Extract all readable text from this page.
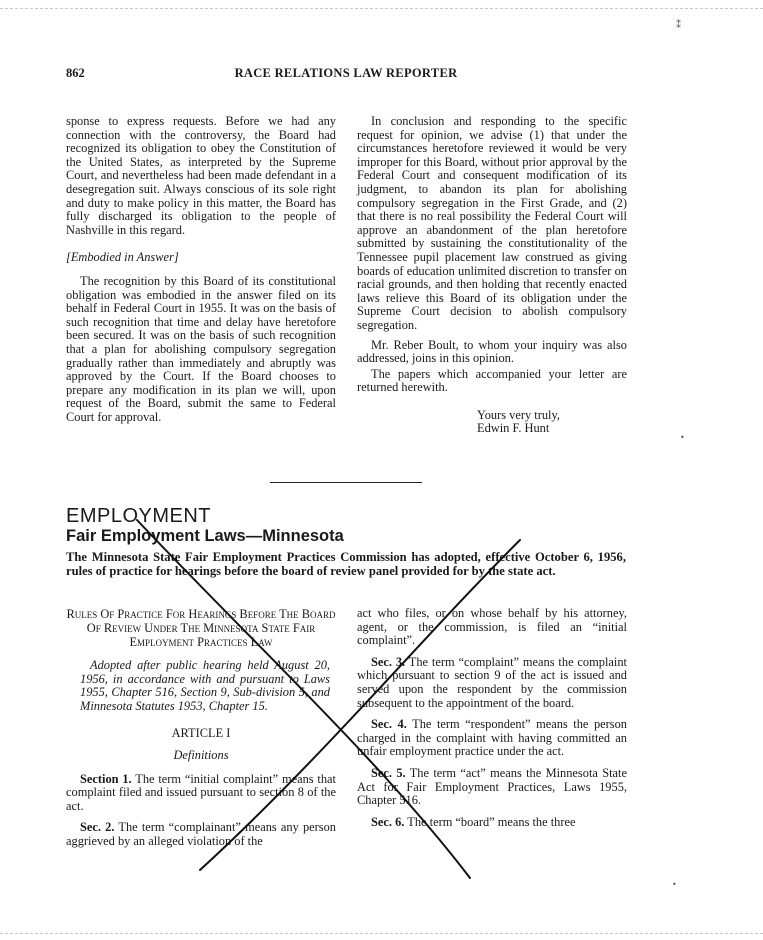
RACE RELATIONS LAW REPORTER
862

sponse to express requests. Before we had any connection with the controversy, the Board had recognized its obligation to obey the Constitution of the United States, as interpreted by the Supreme Court, and nevertheless had been made defendant in a desegregation suit. Always conscious of its sole right and duty to make policy in this matter, the Board has fully discharged its obligation to the people of Nashville in this regard.

[Embodied in Answer]

The recognition by this Board of its constitutional obligation was embodied in the answer filed on its behalf in Federal Court in 1955. It was on the basis of such recognition that time and delay have heretofore been secured. It was on the basis of such recognition that a plan for abolishing compulsory segregation gradually rather than immediately and abruptly was approved by the Court. If the Board chooses to prepare any modification in its plan we will, upon request of the Board, submit the same to Federal Court for approval.

In conclusion and responding to the specific request for opinion, we advise (1) that under the circumstances heretofore reviewed it would be very improper for this Board, without prior approval by the Federal Court and consequent modification of its judgment, to abandon its plan for abolishing compulsory segregation in the First Grade, and (2) that there is no real possibility the Federal Court will approve an abandonment of the plan heretofore submitted by sustaining the constitutionality of the Tennessee pupil placement law construed as giving boards of education unlimited discretion to transfer on racial grounds, and then holding that recently enacted laws relieve this Board of its obligation under the Supreme Court decision to abolish compulsory segregation.

Mr. Reber Boult, to whom your inquiry was also addressed, joins in this opinion.

The papers which accompanied your letter are returned herewith.

Yours very truly,

Edwin F. Hunt

EMPLOYMENT
Fair Employment Laws—Minnesota
The Minnesota State Fair Employment Practices Commission has adopted, effective October 6, 1956, rules of practice for hearings before the board of review panel provided for by the state act.

Rules Of Practice For Hearings Before The Board Of Review Under The Minnesota State Fair Employment Practices Law

Adopted after public hearing held August 20, 1956, in accordance with and pursuant to Laws 1955, Chapter 516, Section 9, Sub-division 5, and Minnesota Statutes 1953, Chapter 15.

ARTICLE I

Definitions

Section 1. The term “initial complaint” means that complaint filed and issued pursuant to section 8 of the act.

Sec. 2. The term “complainant” means any person aggrieved by an alleged violation of the

act who files, or on whose behalf by his attorney, agent, or the commission, is filed an “initial complaint”.

Sec. 3. The term “complaint” means the complaint which pursuant to section 9 of the act is issued and served upon the respondent by the commission subsequent to the appointment of the board.

Sec. 4. The term “respondent” means the person charged in the complaint with having committed an unfair employment practice under the act.

Sec. 5. The term “act” means the Minnesota State Act for Fair Employment Practices, Laws 1955, Chapter 516.

Sec. 6. The term “board” means the three

⁑
•
•
